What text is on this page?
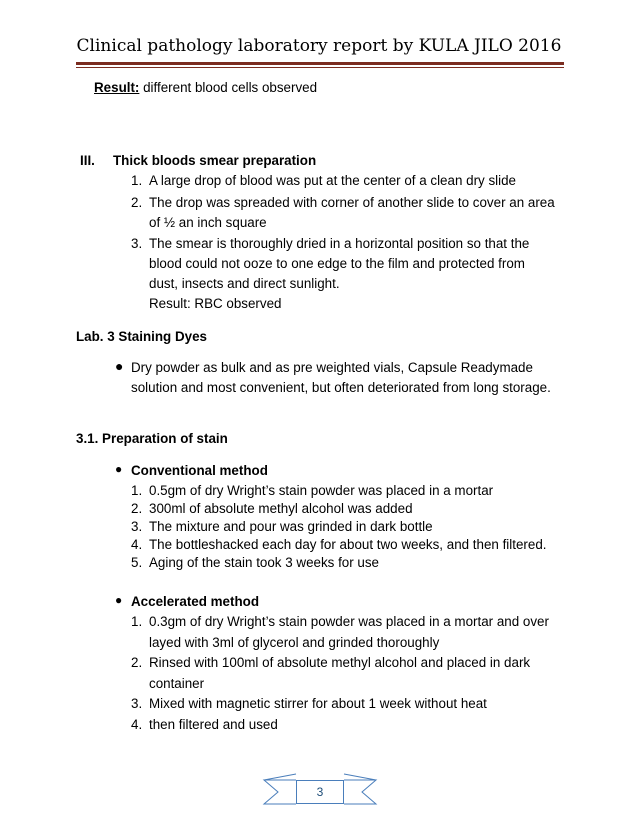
Clinical pathology laboratory report by KULA JILO 2016
Result: different blood cells observed
III. Thick bloods smear preparation
1. A large drop of blood was put at the center of a clean dry slide
2. The drop was spreaded with corner of another slide to cover an area
of ½ an inch square
3. The smear is thoroughly dried in a horizontal position so that the
blood could not ooze to one edge to the film and protected from
dust, insects and direct sunlight.
Result: RBC observed
Lab. 3 Staining Dyes
● Dry powder as bulk and as pre weighted vials, Capsule Readymade
solution and most convenient, but often deteriorated from long storage.
3.1. Preparation of stain
● Conventional method
1. 0.5gm of dry Wright’s stain powder was placed in a mortar
2. 300ml of absolute methyl alcohol was added
3. The mixture and pour was grinded in dark bottle
4. The bottleshacked each day for about two weeks, and then filtered.
5. Aging of the stain took 3 weeks for use
● Accelerated method
1. 0.3gm of dry Wright’s stain powder was placed in a mortar and over
layed with 3ml of glycerol and grinded thoroughly
2. Rinsed with 100ml of absolute methyl alcohol and placed in dark
container
3. Mixed with magnetic stirrer for about 1 week without heat
4. then filtered and used
3
